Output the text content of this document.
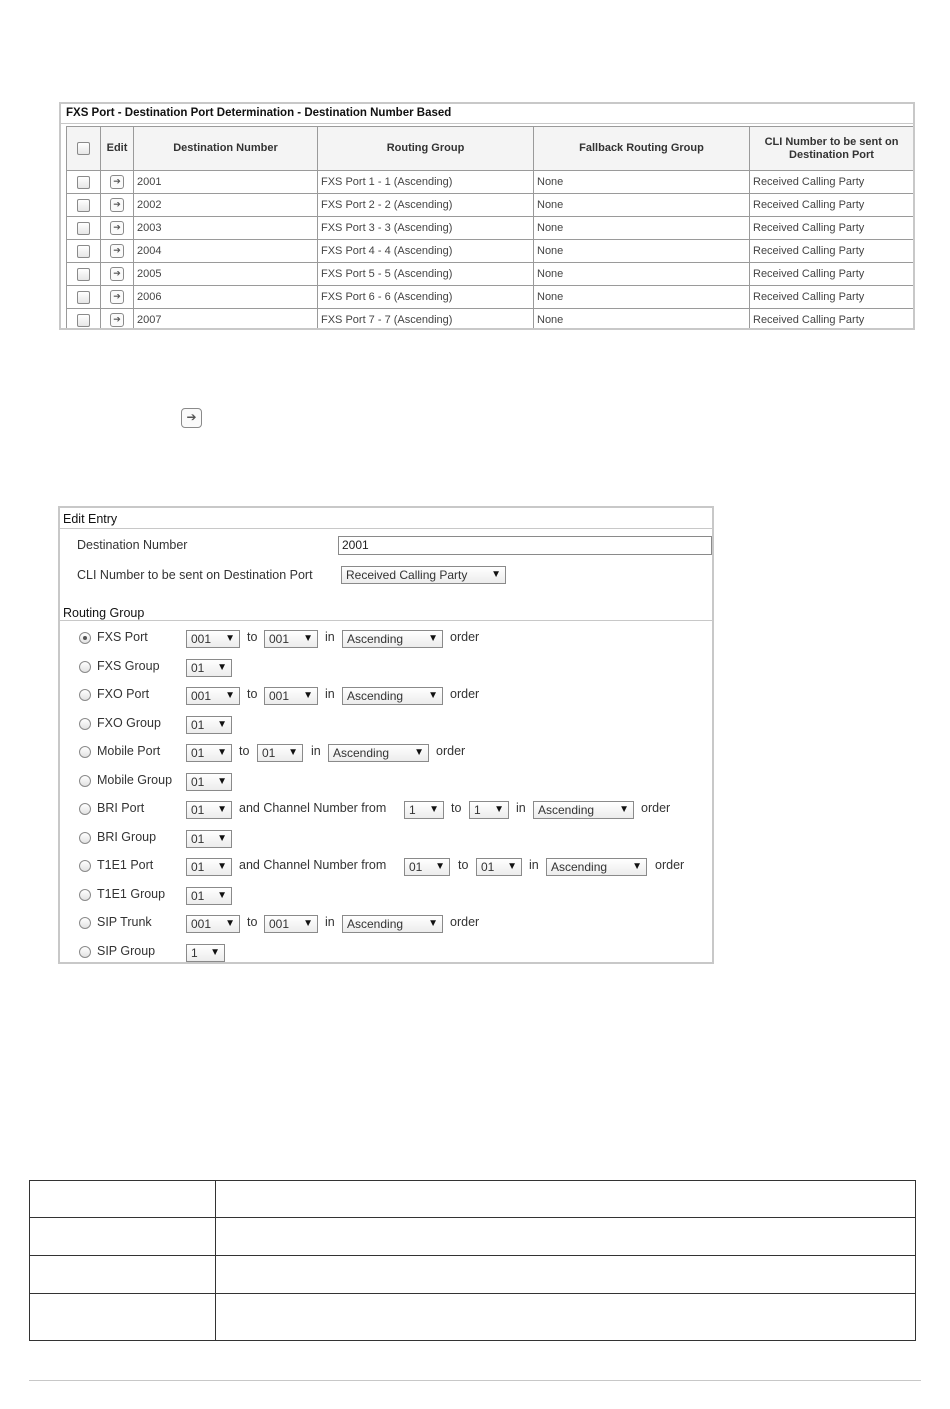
FXS Port - Destination Port Determination - Destination Number Based
	Edit	Destination Number	Routing Group	Fallback Routing Group	CLI Number to be sent on Destination Port
	➔	2001	FXS Port 1 - 1 (Ascending)	None	Received Calling Party
	➔	2002	FXS Port 2 - 2 (Ascending)	None	Received Calling Party
	➔	2003	FXS Port 3 - 3 (Ascending)	None	Received Calling Party
	➔	2004	FXS Port 4 - 4 (Ascending)	None	Received Calling Party
	➔	2005	FXS Port 5 - 5 (Ascending)	None	Received Calling Party
	➔	2006	FXS Port 6 - 6 (Ascending)	None	Received Calling Party
	➔	2007	FXS Port 7 - 7 (Ascending)	None	Received Calling Party
➔
Edit Entry
Destination Number	2001
CLI Number to be sent on Destination Port	Received Calling Party ▼
Routing Group
FXS Port	001 ▼ to 001 ▼ in	Ascending	▼ order
FXS Group	01 ▼
FXO Port	001 ▼ to 001 ▼ in	Ascending	▼ order
FXO Group	01 ▼
Mobile Port	01 ▼ to	01 ▼ in	Ascending	▼ order
Mobile Group	01 ▼
BRI Port	01 ▼ and Channel Number from	1 ▼ to	1 ▼ in	Ascending	▼ order
BRI Group	01 ▼
T1E1 Port	01 ▼ and Channel Number from	01 ▼ to	01 ▼ in	Ascending	▼ order
T1E1 Group	01 ▼
SIP Trunk	001 ▼ to 001 ▼ in	Ascending	▼ order
SIP Group	1 ▼
